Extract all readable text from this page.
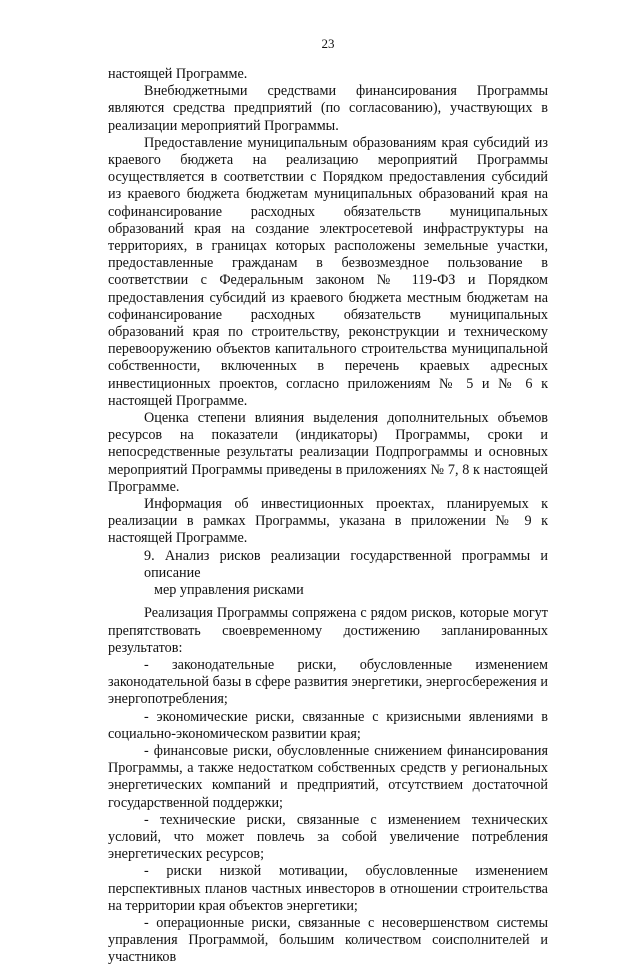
23

настоящей Программе.

Внебюджетными средствами финансирования Программы являются средства предприятий (по согласованию), участвующих в реализации мероприятий Программы.

Предоставление муниципальным образованиям края субсидий из краевого бюджета на реализацию мероприятий Программы осуществляется в соответствии с Порядком предоставления субсидий из краевого бюджета бюджетам муниципальных образований края на софинансирование расходных обязательств муниципальных образований края на создание электросетевой инфраструктуры на территориях, в границах которых расположены земельные участки, предоставленные гражданам в безвозмездное пользование в соответствии с Федеральным законом № 119-ФЗ и Порядком предоставления субсидий из краевого бюджета местным бюджетам на софинансирование расходных обязательств муниципальных образований края по строительству, реконструкции и техническому перевооружению объектов капитального строительства муниципальной собственности, включенных в перечень краевых адресных инвестиционных проектов, согласно приложениям № 5 и № 6 к настоящей Программе.

Оценка степени влияния выделения дополнительных объемов ресурсов на показатели (индикаторы) Программы, сроки и непосредственные результаты реализации Подпрограммы и основных мероприятий Программы приведены в приложениях № 7, 8 к настоящей Программе.

Информация об инвестиционных проектах, планируемых к реализации в рамках Программы, указана в приложении № 9 к настоящей Программе.

9. Анализ рисков реализации государственной программы и описание
мер управления рисками

Реализация Программы сопряжена с рядом рисков, которые могут препятствовать своевременному достижению запланированных результатов:

- законодательные риски, обусловленные изменением законодательной базы в сфере развития энергетики, энергосбережения и энергопотребления;

- экономические риски, связанные с кризисными явлениями в социально-экономическом развитии края;

- финансовые риски, обусловленные снижением финансирования Программы, а также недостатком собственных средств у региональных энергетических компаний и предприятий, отсутствием достаточной государственной поддержки;

- технические риски, связанные с изменением технических условий, что может повлечь за собой увеличение потребления энергетических ресурсов;

- риски низкой мотивации, обусловленные изменением перспективных планов частных инвесторов в отношении строительства на территории края объектов энергетики;

- операционные риски, связанные с несовершенством системы управления Программой, большим количеством соисполнителей и участников
